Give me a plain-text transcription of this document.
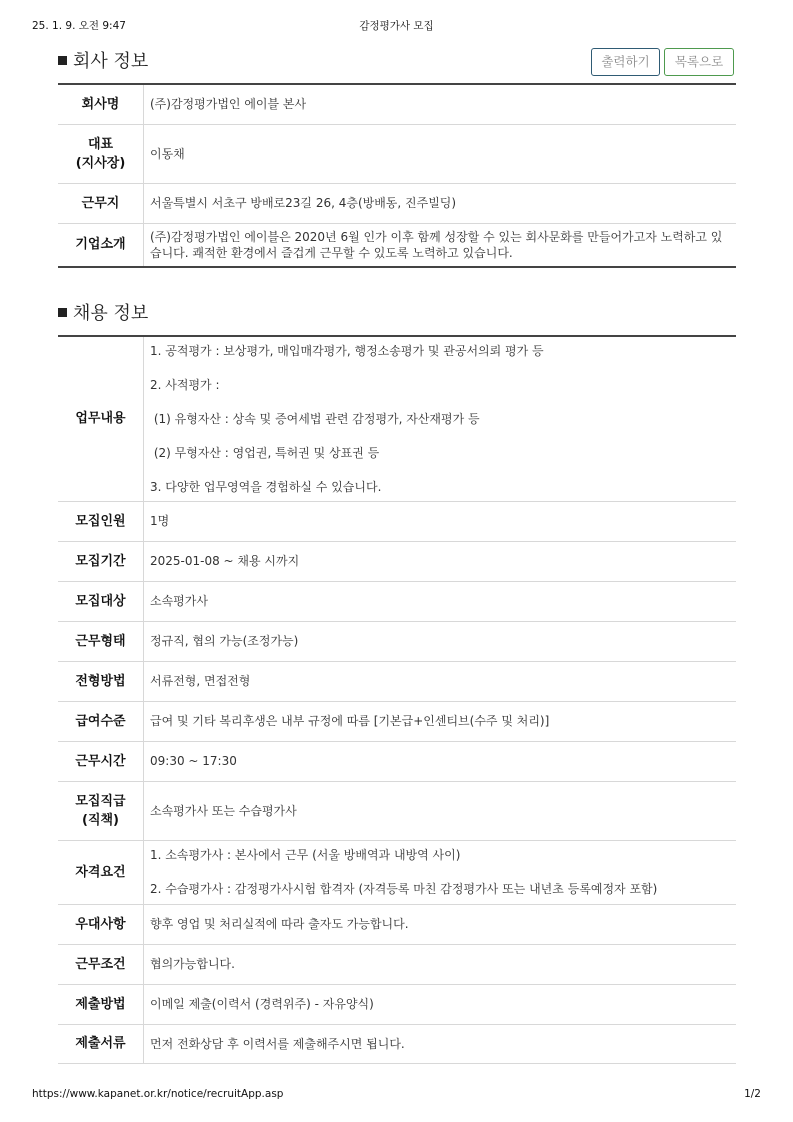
25. 1. 9. 오전 9:47	감정평가사 모집
회사 정보	출력하기	목록으로
회사명	(주)감정평가법인 에이블 본사
대표
(지사장)	이동채
근무지	서울특별시 서초구 방배로23길 26, 4층(방배동, 진주빌딩)
기업소개	(주)감정평가법인 에이블은 2020년 6월 인가 이후 함께 성장할 수 있는 회사문화를 만들어가고자 노력하고 있습니다. 쾌적한 환경에서 즐겁게 근무할 수 있도록 노력하고 있습니다.
채용 정보
업무내용	1. 공적평가 : 보상평가, 매입매각평가, 행정소송평가 및 관공서의뢰 평가 등

2. 사적평가 :

(1) 유형자산 : 상속 및 증여세법 관련 감정평가, 자산재평가 등

(2) 무형자산 : 영업권, 특허권 및 상표권 등

3. 다양한 업무영역을 경험하실 수 있습니다.

모집인원	1명
모집기간	2025-01-08 ~ 채용 시까지
모집대상	소속평가사
근무형태	정규직, 협의 가능(조정가능)
전형방법	서류전형, 면접전형
급여수준	급여 및 기타 복리후생은 내부 규정에 따름 [기본급+인센티브(수주 및 처리)]
근무시간	09:30 ~ 17:30
모집직급
(직책)	소속평가사 또는 수습평가사
자격요건	1. 소속평가사 : 본사에서 근무 (서울 방배역과 내방역 사이)

2. 수습평가사 : 감정평가사시험 합격자 (자격등록 마친 감정평가사 또는 내년초 등록예정자 포함)

우대사항	향후 영업 및 처리실적에 따라 출자도 가능합니다.
근무조건	협의가능합니다.
제출방법	이메일 제출(이력서 (경력위주) - 자유양식)
제출서류	먼저 전화상담 후 이력서를 제출해주시면 됩니다.
https://www.kapanet.or.kr/notice/recruitApp.asp	1/2
